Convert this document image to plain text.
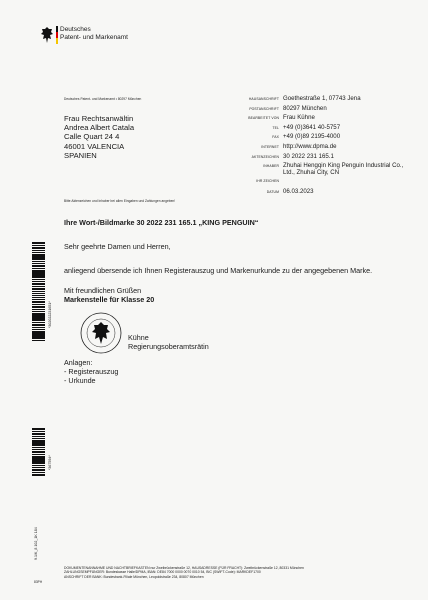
Deutsches
Patent- und Markenamt
Deutsches Patent- und Markenamt • 80297 München
Frau Rechtsanwältin
Andrea Albert Catala
Calle Quart 24 4
46001 VALENCIA
SPANIEN
HAUSANSCHRIFT Goethestraße 1, 07743 Jena
POSTANSCHRIFT 80297 München
BEARBEITET VON Frau Kühne
TEL +49 (0)3641 40-5757
FAX +49 (0)89 2195-4000
INTERNET http://www.dpma.de
AKTENZEICHEN 30 2022 231 165.1
INHABER Zhuhai Hengqin King Penguin Industrial Co., Ltd., Zhuhai City, CN
IHR ZEICHEN
DATUM 06.03.2023
Bitte Aktenzeichen und Inhaber bei allen Eingaben und Zahlungen angeben!
Ihre Wort-/Bildmarke 30 2022 231 165.1 „KING PENGUIN“
Sehr geehrte Damen und Herren,
anliegend übersende ich Ihnen Registerauszug und Markenurkunde zu der angegebenen Marke.
Mit freundlichen Grüßen
Markenstelle für Klasse 20
Kühne
Regierungsoberamtsrätin
Anlagen:
- Registerauszug
- Urkunde
*302022231651*
*367594*
9.1/K_8 102_1K 184
83PH
DOKUMENTENANNAHME UND NACHTBRIEFKASTEN nur Zweibrückenstraße 12, HAUSADRESSE (FÜR FRACHT): Zweibrückenstraße 12, 80331 München
ZAHLUNGSEMPFÄNGER: Bundeskasse Halle/DPMA, IBAN: DE84 7000 0000 0070 0010 54, BIC (SWIFT-Code): MARKDEF1700
ANSCHRIFT DER BANK: Bundesbank-Filiale München, Leopoldstraße 234, 80807 München
